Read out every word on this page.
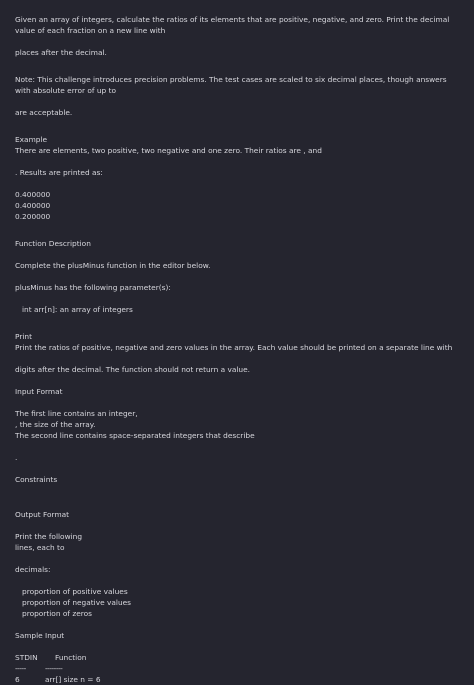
Given an array of integers, calculate the ratios of its elements that are positive, negative, and zero. Print the decimal value of each fraction on a new line with

places after the decimal.

Note: This challenge introduces precision problems. The test cases are scaled to six decimal places, though answers with absolute error of up to

are acceptable.

Example

There are elements, two positive, two negative and one zero. Their ratios are , and

. Results are printed as:

0.400000

0.400000

0.200000

Function Description

Complete the plusMinus function in the editor below.

plusMinus has the following parameter(s):

int arr[n]: an array of integers

Print

Print the ratios of positive, negative and zero values in the array. Each value should be printed on a separate line with

digits after the decimal. The function should not return a value.

Input Format

The first line contains an integer,

, the size of the array.

The second line contains space-separated integers that describe

.

Constraints

Output Format

Print the following

lines, each to

decimals:

proportion of positive values

proportion of negative values

proportion of zeros

Sample Input

STDIN	Function
-----	--------
6	arr[] size n = 6
